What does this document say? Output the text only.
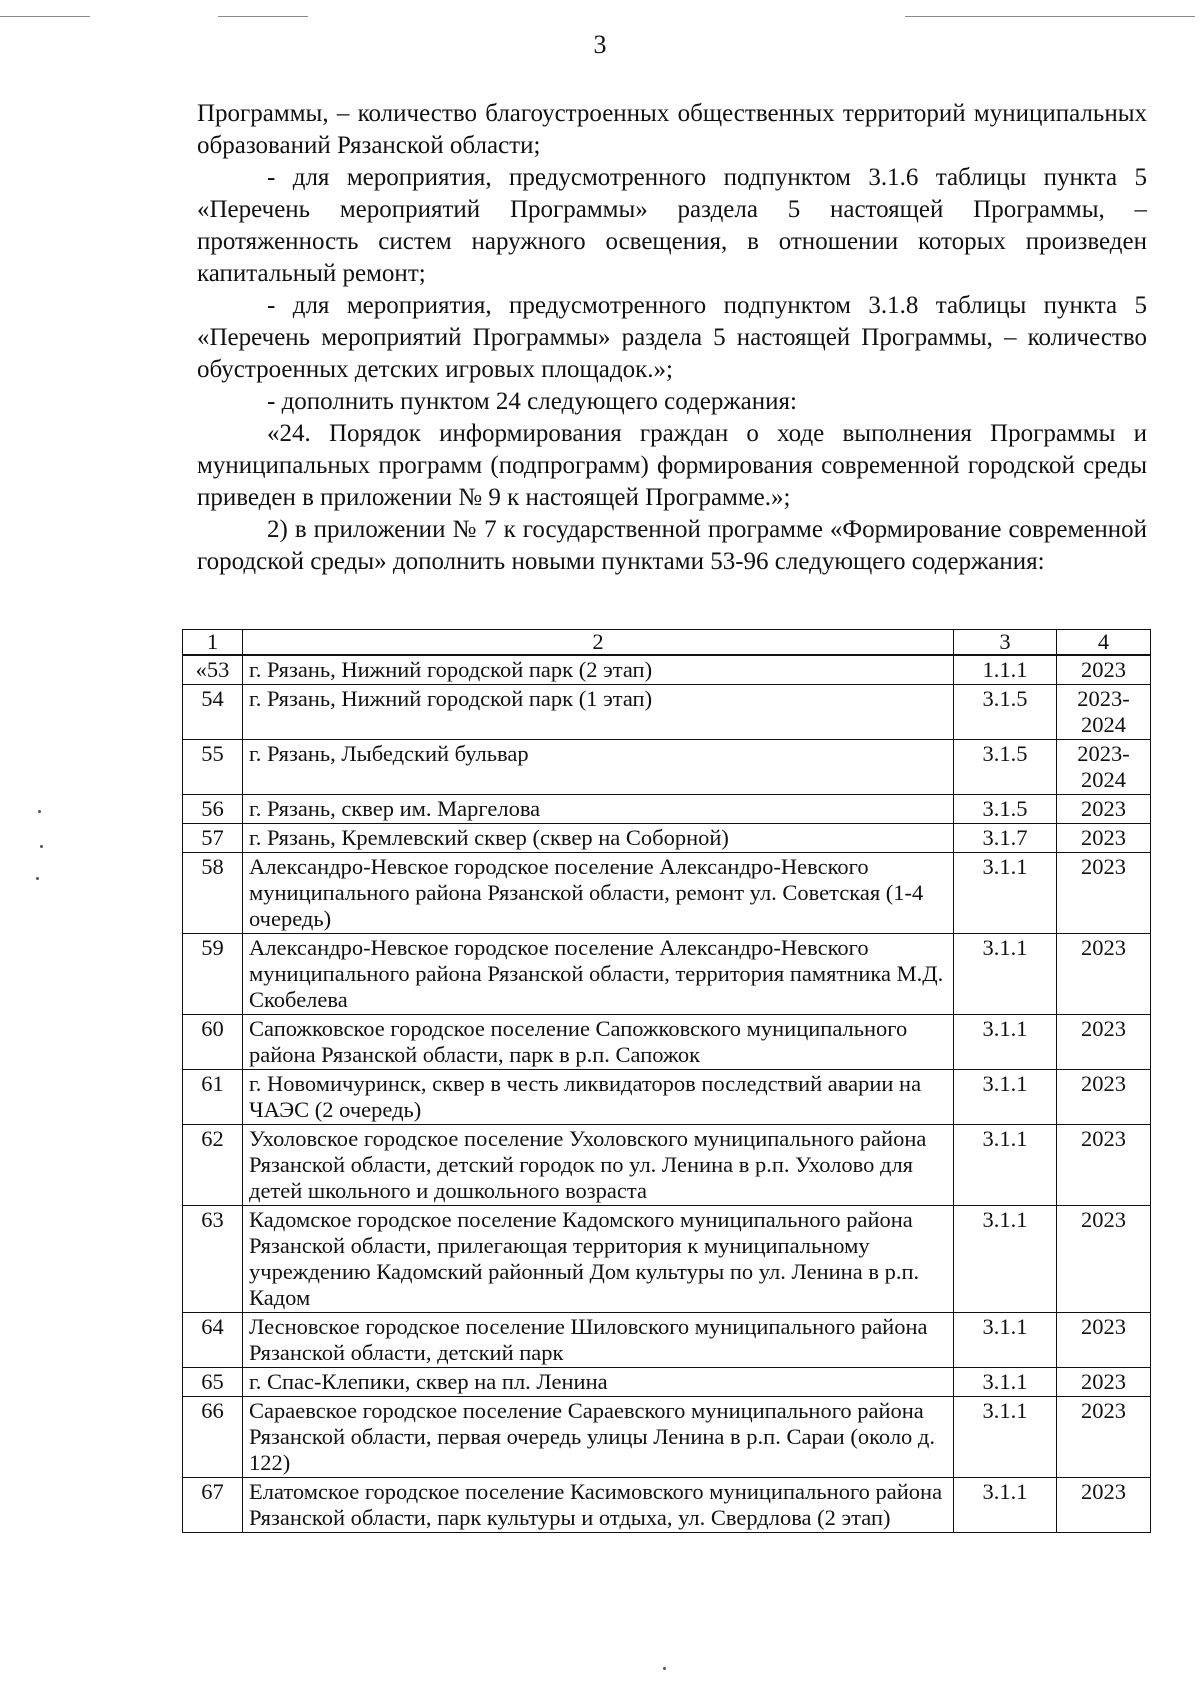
3

Программы, – количество благоустроенных общественных территорий муниципальных образований Рязанской области;

- для мероприятия, предусмотренного подпунктом 3.1.6 таблицы пункта 5 «Перечень мероприятий Программы» раздела 5 настоящей Программы, – протяженность систем наружного освещения, в отношении которых произведен капитальный ремонт;

- для мероприятия, предусмотренного подпунктом 3.1.8 таблицы пункта 5 «Перечень мероприятий Программы» раздела 5 настоящей Программы, – количество обустроенных детских игровых площадок.»;

- дополнить пунктом 24 следующего содержания:

«24. Порядок информирования граждан о ходе выполнения Программы и муниципальных программ (подпрограмм) формирования современной городской среды приведен в приложении № 9 к настоящей Программе.»;

2) в приложении № 7 к государственной программе «Формирование современной городской среды» дополнить новыми пунктами 53-96 следующего содержания:

1	2	3	4
«53	г. Рязань, Нижний городской парк (2 этап)	1.1.1	2023
54	г. Рязань, Нижний городской парк (1 этап)	3.1.5	2023-2024
55	г. Рязань, Лыбедский бульвар	3.1.5	2023-2024
56	г. Рязань, сквер им. Маргелова	3.1.5	2023
57	г. Рязань, Кремлевский сквер (сквер на Соборной)	3.1.7	2023
58	Александро-Невское городское поселение Александро-Невского муниципального района Рязанской области, ремонт ул. Советская (1-4 очередь)	3.1.1	2023
59	Александро-Невское городское поселение Александро-Невского муниципального района Рязанской области, территория памятника М.Д. Скобелева	3.1.1	2023
60	Сапожковское городское поселение Сапожковского муниципального района Рязанской области, парк в р.п. Сапожок	3.1.1	2023
61	г. Новомичуринск, сквер в честь ликвидаторов последствий аварии на ЧАЭС (2 очередь)	3.1.1	2023
62	Ухоловское городское поселение Ухоловского муниципального района Рязанской области, детский городок по ул. Ленина в р.п. Ухолово для детей школьного и дошкольного возраста	3.1.1	2023
63	Кадомское городское поселение Кадомского муниципального района Рязанской области, прилегающая территория к муниципальному учреждению Кадомский районный Дом культуры по ул. Ленина в р.п. Кадом	3.1.1	2023
64	Лесновское городское поселение Шиловского муниципального района Рязанской области, детский парк	3.1.1	2023
65	г. Спас-Клепики, сквер на пл. Ленина	3.1.1	2023
66	Сараевское городское поселение Сараевского муниципального района Рязанской области, первая очередь улицы Ленина в р.п. Сараи (около д. 122)	3.1.1	2023
67	Елатомское городское поселение Касимовского муниципального района Рязанской области, парк культуры и отдыха, ул. Свердлова (2 этап)	3.1.1	2023
